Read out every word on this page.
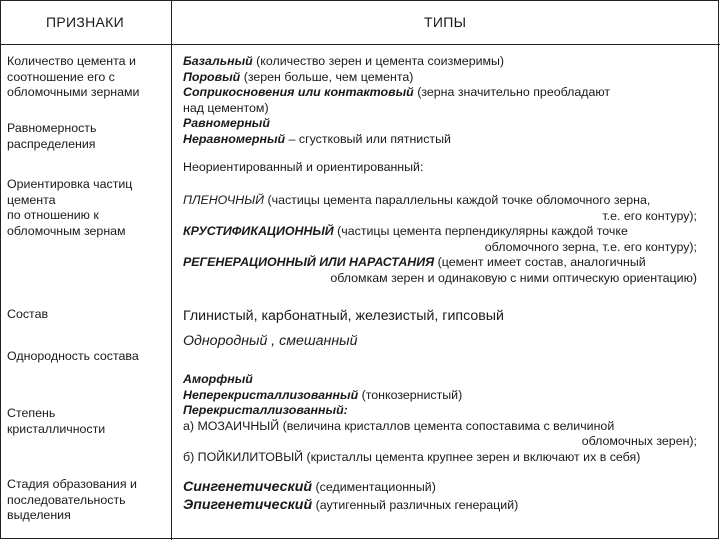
ПРИЗНАКИ	ТИПЫ
Количество цемента и
соотношение его с
обломочными зернами
Базальный (количество зерен и цемента соизмеримы)
Поровый (зерен больше, чем цемента)
Соприкосновения или контактовый (зерна значительно преобладают
над цементом)
Равномерность
распределения
Равномерный
Неравномерный – сгустковый или пятнистый
Ориентировка частиц
цемента
по отношению к
обломочным зернам
Неориентированный и ориентированный:
ПЛЕНОЧНЫЙ (частицы цемента параллельны каждой точке обломочного зерна,
т.е. его контуру);
КРУСТИФИКАЦИОННЫЙ (частицы цемента перпендикулярны каждой точке
обломочного зерна, т.е. его контуру);
РЕГЕНЕРАЦИОННЫЙ ИЛИ НАРАСТАНИЯ (цемент имеет состав, аналогичный
обломкам зерен и одинаковую с ними оптическую ориентацию)
Состав	Глинистый, карбонатный, железистый, гипсовый
Однородность состава
Однородный , смешанный
Степень
кристалличности
Аморфный
Неперекристаллизованный (тонкозернистый)
Перекристаллизованный:
а) МОЗАИЧНЫЙ (величина кристаллов цемента сопоставима с величиной
обломочных зерен);
б) ПОЙКИЛИТОВЫЙ (кристаллы цемента крупнее зерен и включают их в себя)
Стадия образования и
последовательность
выделения
Сингенетический (седиментационный)
Эпигенетический (аутигенный различных генераций)
